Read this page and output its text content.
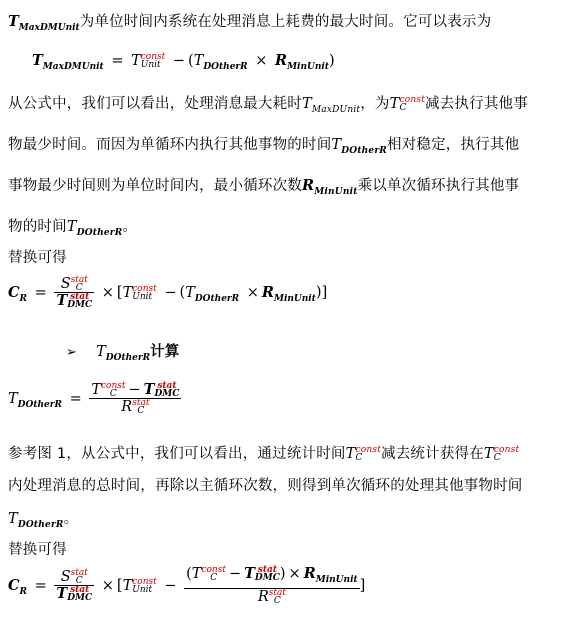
$T_{MaxDMUnit}$为单位时间内系统在处理消息上耗费的最大时间。它可以表示为
$T_{MaxDMUnit} = T$ const
Unit − $(T_{DOtherR} \times R_{MinUnit})$
从公式中，我们可以看出，处理消息最大耗时$T_{MaxDUnit}$，为T const
C	减去执行其他事
物最少时间。而因为单循环内执行其他事物的时间$T_{DOtherR}$相对稳定，执行其他
事物最少时间则为单位时间内，最小循环次数$R_{MinUnit}$乘以单次循环执行其他事
物的时间$T_{DOtherR}$。
替换可得
$C_R = S$ stat
C
T stat
DMC × [T const
Unit − $(T_{DOtherR} \times R_{MinUnit})$]
➢ $T_{DOtherR}$计算
$T_{DOtherR} = T$ const
C − T stat
DMC
R stat
C
参考图 1，从公式中，我们可以看出，通过统计时间T const
C	减去统计获得在T const
C
内处理消息的总时间，再除以主循环次数，则得到单次循环的处理其他事物时间
$T_{DOtherR}$。
替换可得
$C_R = S$ stat
C
T stat
DMC × [T const
Unit − (T const
C − T stat
DMC ) × $R_{MinUnit}$
R stat
C ]
